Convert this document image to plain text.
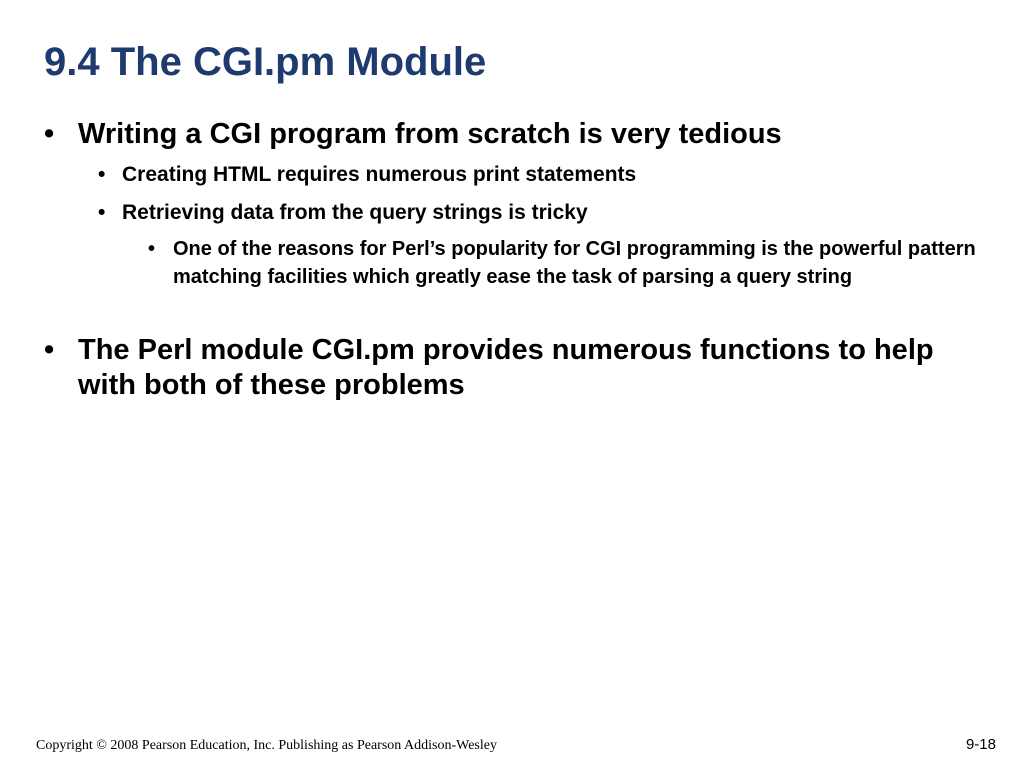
9.4 The CGI.pm Module
• Writing a CGI program from scratch is very tedious
• Creating HTML requires numerous print statements
• Retrieving data from the query strings is tricky
• One of the reasons for Perl’s popularity for CGI programming is the powerful pattern matching facilities which greatly ease the task of parsing a query string
• The Perl module CGI.pm provides numerous functions to help with both of these problems
Copyright © 2008 Pearson Education, Inc. Publishing as Pearson Addison-Wesley	9-18
